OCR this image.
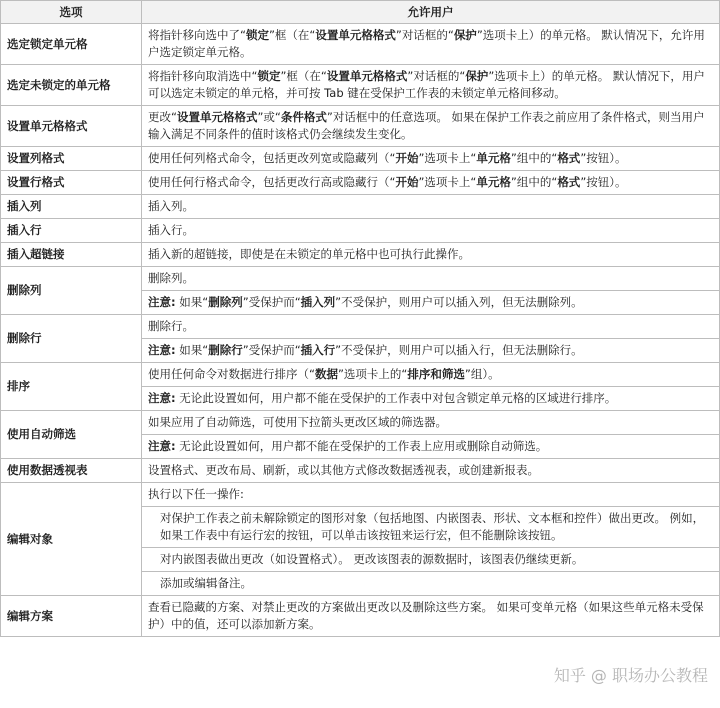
选项	允许用户
选定锁定单元格	将指针移向选中了“锁定”框（在“设置单元格格式”对话框的“保护”选项卡上）的单元格。 默认情况下，允许用户选定锁定单元格。
选定未锁定的单元格	将指针移向取消选中“锁定”框（在“设置单元格格式”对话框的“保护”选项卡上）的单元格。 默认情况下，用户可以选定未锁定的单元格，并可按 Tab 键在受保护工作表的未锁定单元格间移动。
设置单元格格式	更改“设置单元格格式”或“条件格式”对话框中的任意选项。 如果在保护工作表之前应用了条件格式，则当用户输入满足不同条件的值时该格式仍会继续发生变化。
设置列格式	使用任何列格式命令，包括更改列宽或隐藏列（“开始”选项卡上“单元格”组中的“格式”按钮）。
设置行格式	使用任何行格式命令，包括更改行高或隐藏行（“开始”选项卡上“单元格”组中的“格式”按钮）。
插入列	插入列。
插入行	插入行。
插入超链接	插入新的超链接，即使是在未锁定的单元格中也可执行此操作。
删除列	删除列。
	注意: 如果“删除列”受保护而“插入列”不受保护，则用户可以插入列，但无法删除列。
删除行	删除行。
	注意: 如果“删除行”受保护而“插入行”不受保护，则用户可以插入行，但无法删除行。
排序	使用任何命令对数据进行排序（“数据”选项卡上的“排序和筛选”组）。
	注意: 无论此设置如何，用户都不能在受保护的工作表中对包含锁定单元格的区域进行排序。
使用自动筛选	如果应用了自动筛选，可使用下拉箭头更改区域的筛选器。
	注意: 无论此设置如何，用户都不能在受保护的工作表上应用或删除自动筛选。
使用数据透视表	设置格式、更改布局、刷新，或以其他方式修改数据透视表，或创建新报表。
编辑对象	执行以下任一操作:
	对保护工作表之前未解除锁定的图形对象（包括地图、内嵌图表、形状、文本框和控件）做出更改。 例如，如果工作表中有运行宏的按钮，可以单击该按钮来运行宏，但不能删除该按钮。
	对内嵌图表做出更改（如设置格式）。 更改该图表的源数据时，该图表仍继续更新。
	添加或编辑备注。
编辑方案	查看已隐藏的方案、对禁止更改的方案做出更改以及删除这些方案。 如果可变单元格（如果这些单元格未受保护）中的值，还可以添加新方案。
知乎 @ 职场办公教程
